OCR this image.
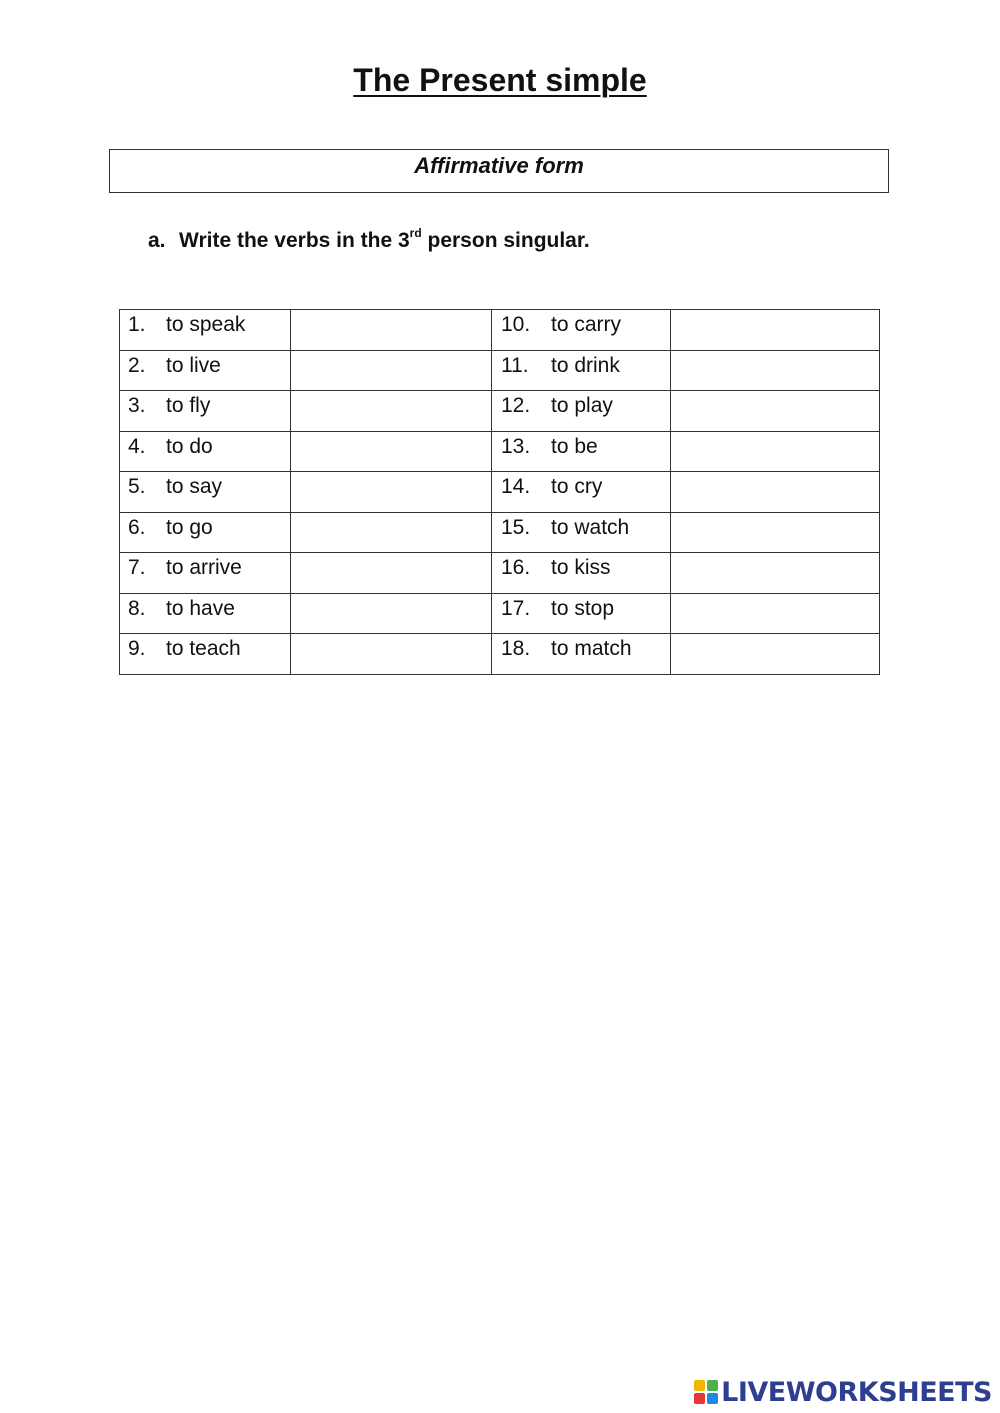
The Present simple
Affirmative form
a. Write the verbs in the 3rd person singular.
1. to speak		10. to carry	

2. to live		11. to drink	

3. to fly		12. to play	

4. to do		13. to be	

5. to say		14. to cry	

6. to go		15. to watch	

7. to arrive		16. to kiss	

8. to have		17. to stop	

9. to teach		18. to match	

LIVEWORKSHEETS
